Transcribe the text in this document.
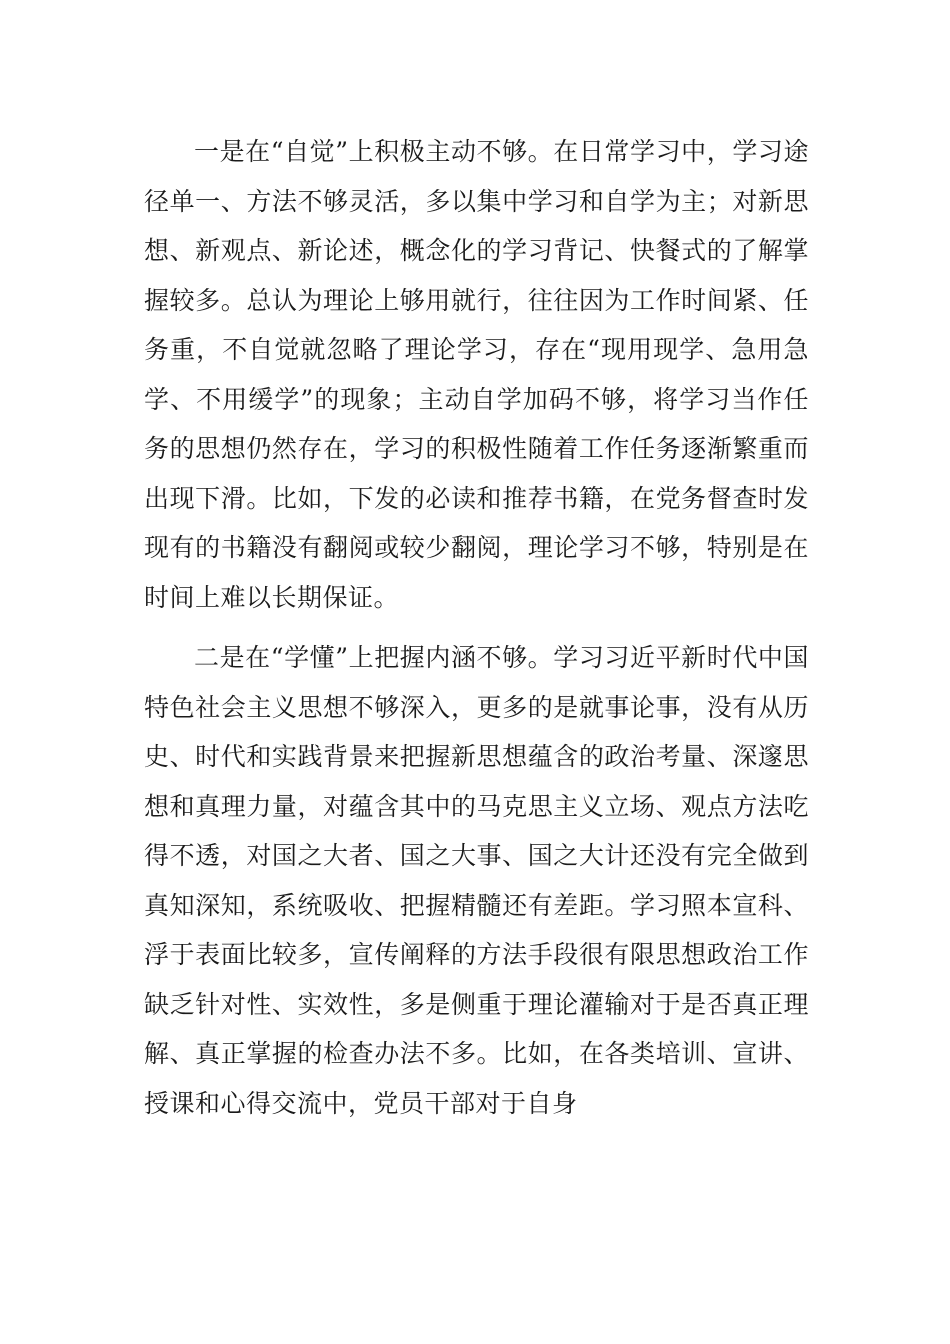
一是在“自觉”上积极主动不够。在日常学习中，学习途径单一、方法不够灵活，多以集中学习和自学为主；对新思想、新观点、新论述，概念化的学习背记、快餐式的了解掌握较多。总认为理论上够用就行，往往因为工作时间紧、任务重，不自觉就忽略了理论学习，存在“现用现学、急用急学、不用缓学”的现象；主动自学加码不够，将学习当作任务的思想仍然存在，学习的积极性随着工作任务逐渐繁重而出现下滑。比如，下发的必读和推荐书籍，在党务督查时发现有的书籍没有翻阅或较少翻阅，理论学习不够，特别是在时间上难以长期保证。

二是在“学懂”上把握内涵不够。学习习近平新时代中国特色社会主义思想不够深入，更多的是就事论事，没有从历史、时代和实践背景来把握新思想蕴含的政治考量、深邃思想和真理力量，对蕴含其中的马克思主义立场、观点方法吃得不透，对国之大者、国之大事、国之大计还没有完全做到真知深知，系统吸收、把握精髓还有差距。学习照本宣科、浮于表面比较多，宣传阐释的方法手段很有限思想政治工作缺乏针对性、实效性，多是侧重于理论灌输对于是否真正理解、真正掌握的检查办法不多。比如，在各类培训、宣讲、授课和心得交流中，党员干部对于自身
